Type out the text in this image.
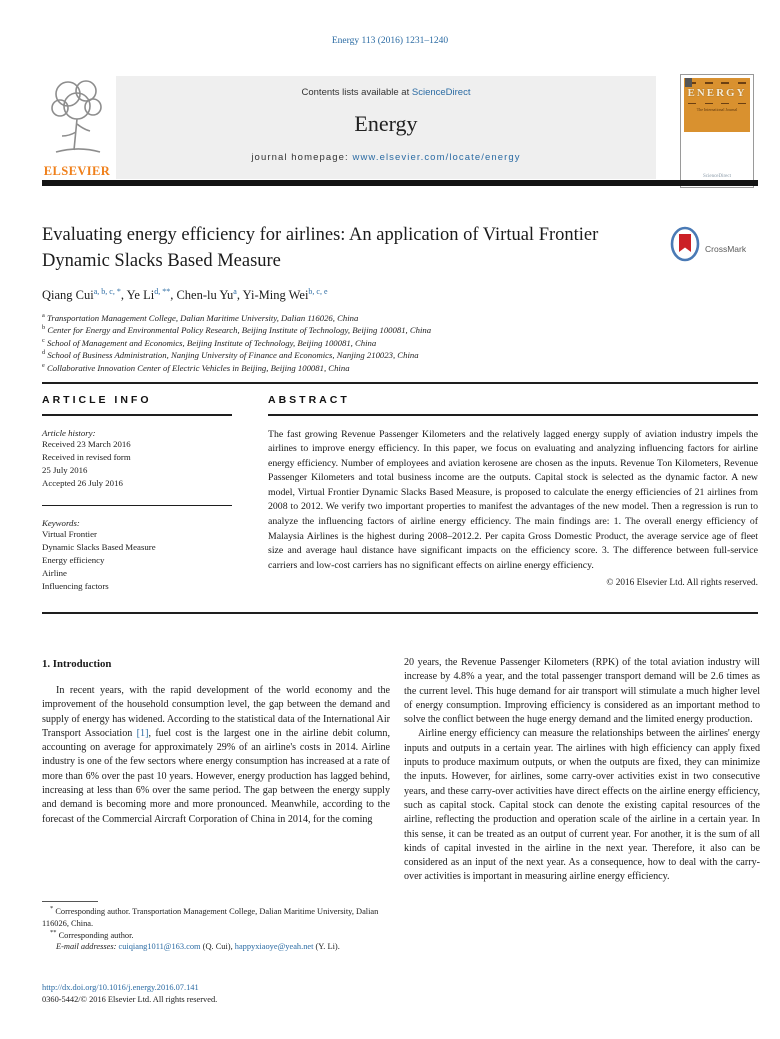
Energy 113 (2016) 1231–1240
ELSEVIER
Contents lists available at ScienceDirect
Energy
journal homepage: www.elsevier.com/locate/energy
ENERGY
The International Journal
ScienceDirect
Evaluating energy efficiency for airlines: An application of Virtual Frontier Dynamic Slacks Based Measure
$_{CrossMark}$
Qiang Cui$^{a, b, c, *}$, Ye $Li^{d, **}$, Chen-lu Yu$^a$, Yi-Ming Wei$^{b, c, e}$
$^a$ Transportation Management College, Dalian Maritime University, Dalian 116026, China
$^b$ Center for Energy and Environmental Policy Research, Beijing Institute of Technology, Beijing 100081, China
$^c$ School of Management and Economics, Beijing Institute of Technology, Beijing 100081, China
$^d$ School of Business Administration, Nanjing University of Finance and Economics, Nanjing 210023, China
$^e$ Collaborative Innovation Center of Electric Vehicles in Beijing, Beijing 100081, China
ARTICLE INFO
Article history:
Received 23 March 2016
Received in revised form
25 July 2016
Accepted 26 July 2016
Keywords:
Virtual Frontier
Dynamic Slacks Based Measure
Energy efficiency
Airline
Influencing factors
ABSTRACT
The fast growing Revenue Passenger Kilometers and the relatively lagged energy supply of aviation industry impels the airlines to improve energy efficiency. In this paper, we focus on evaluating and analyzing influencing factors for airline energy efficiency. Number of employees and aviation kerosene are chosen as the inputs. Revenue Ton Kilometers, Revenue Passenger Kilometers and total business income are the outputs. Capital stock is selected as the dynamic factor. A new model, Virtual Frontier Dynamic Slacks Based Measure, is proposed to calculate the energy efficiencies of 21 airlines from 2008 to 2012. We verify two important properties to manifest the advantages of the new model. Then a regression is run to analyze the influencing factors of airline energy efficiency. The main findings are: 1. The overall energy efficiency of Malaysia Airlines is the highest during 2008–2012.2. Per capita Gross Domestic Product, the average service age of fleet size and average haul distance have significant impacts on the efficiency score. 3. The difference between full-service carriers and low-cost carriers has no significant effects on airline energy efficiency.
© 2016 Elsevier Ltd. All rights reserved.
1. Introduction

In recent years, with the rapid development of the world economy and the improvement of the household consumption level, the gap between the demand and supply of energy has widened. According to the statistical data of the International Air Transport Association [1], fuel cost is the largest one in the airline debit column, accounting on average for approximately 29% of an airline's costs in 2014. Airline industry is one of the few sectors where energy consumption has increased at a rate of more than 6% over the past 10 years. However, energy production has lagged behind, increasing at less than 6% over the same period. The gap between the energy supply and demand is becoming more and more pronounced. Meanwhile, according to the forecast of the Commercial Aircraft Corporation of China in 2014, for the coming

20 years, the Revenue Passenger Kilometers (RPK) of the total aviation industry will increase by 4.8% a year, and the total passenger transport demand will be 2.6 times as the current level. This huge demand for air transport will stimulate a much higher level of energy consumption. Improving efficiency is considered as an important method to solve the conflict between the huge energy demand and the limited energy production.

Airline energy efficiency can measure the relationships between the airlines' energy inputs and outputs in a certain year. The airlines with high efficiency can apply fixed inputs to produce maximum outputs, or when the outputs are fixed, they can minimize the inputs. However, for airlines, some carry-over activities exist in two consecutive years, and these carry-over activities have direct effects on the airline energy efficiency, such as capital stock. Capital stock can denote the existing capital resources of the airline, reflecting the production and operation scale of the airline in a certain year. In this sense, it can be treated as an output of current year. For another, it is the sum of all kinds of capital invested in the airline in the next year. Therefore, it also can be considered as an input of the next year. As a consequence, how to deal with the carry-over activities is important in measuring airline energy efficiency.

* Corresponding author. Transportation Management College, Dalian Maritime University, Dalian 116026, China.
** Corresponding author.
E-mail addresses: cuiqiang1011@163.com (Q. Cui), happyxiaoye@yeah.net (Y. Li).
http://dx.doi.org/10.1016/j.energy.2016.07.141
0360-5442/© 2016 Elsevier Ltd. All rights reserved.
